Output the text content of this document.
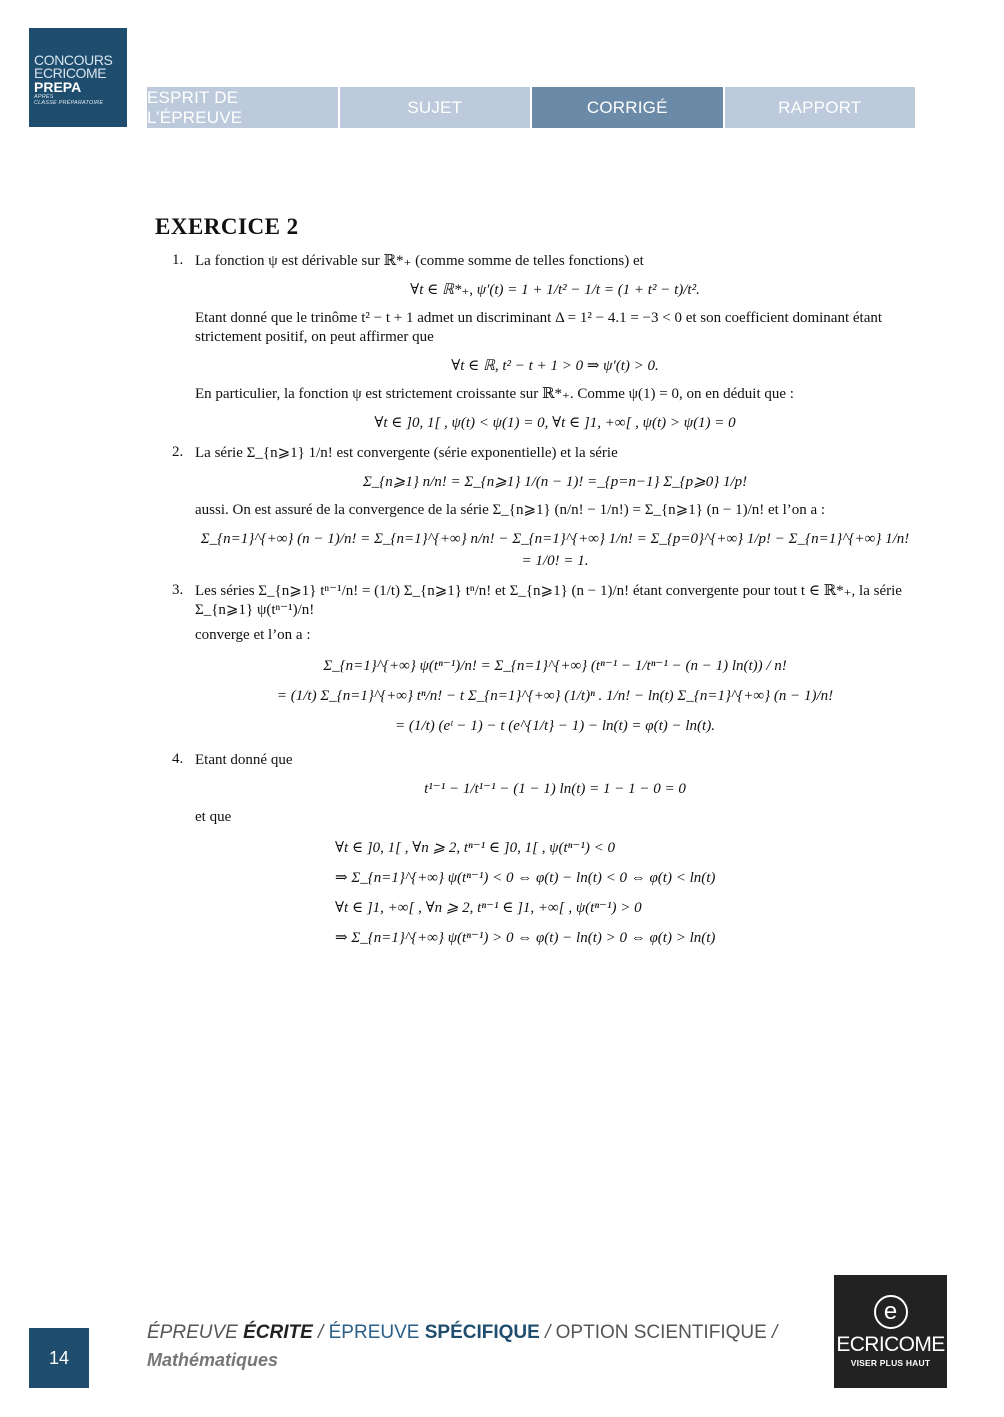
CONCOURS
ECRICOME
PREPA
APRÈS
CLASSE PRÉPARATOIRE	ESPRIT DE L’ÉPREUVE
SUJET	CORRIGÉ	RAPPORT
EXERCICE 2
1. La fonction ψ est dérivable sur ℝ*₊ (comme somme de telles fonctions) et
∀t ∈ ℝ*₊, ψ′(t) = 1 + 1/t² − 1/t = (1 + t² − t)/t².
Etant donné que le trinôme t² − t + 1 admet un discriminant Δ = 1² − 4.1 = −3 < 0 et son coefficient dominant étant strictement positif, on peut affirmer que
∀t ∈ ℝ, t² − t + 1 > 0 ⇒ ψ′(t) > 0.
En particulier, la fonction ψ est strictement croissante sur ℝ*₊. Comme ψ(1) = 0, on en déduit que :
∀t ∈ ]0, 1[ , ψ(t) < ψ(1) = 0, ∀t ∈ ]1, +∞[ , ψ(t) > ψ(1) = 0
2. La série Σ_{n⩾1} 1/n! est convergente (série exponentielle) et la série
Σ_{n⩾1} n/n! = Σ_{n⩾1} 1/(n − 1)! =_{p=n−1} Σ_{p⩾0} 1/p!
aussi. On est assuré de la convergence de la série Σ_{n⩾1} (n/n! − 1/n!) = Σ_{n⩾1} (n − 1)/n! et l’on a :
Σ_{n=1}^{+∞} (n − 1)/n! = Σ_{n=1}^{+∞} n/n! − Σ_{n=1}^{+∞} 1/n! = Σ_{p=0}^{+∞} 1/p! − Σ_{n=1}^{+∞} 1/n! = 1/0! = 1.
3. Les séries Σ_{n⩾1} tⁿ⁻¹/n! = (1/t) Σ_{n⩾1} tⁿ/n! et Σ_{n⩾1} (n − 1)/n! étant convergente pour tout t ∈ ℝ*₊, la série Σ_{n⩾1} ψ(tⁿ⁻¹)/n!
converge et l’on a :
Σ_{n=1}^{+∞} ψ(tⁿ⁻¹)/n! = Σ_{n=1}^{+∞} (tⁿ⁻¹ − 1/tⁿ⁻¹ − (n − 1) ln(t)) / n!
= (1/t) Σ_{n=1}^{+∞} tⁿ/n! − t Σ_{n=1}^{+∞} (1/t)ⁿ . 1/n! − ln(t) Σ_{n=1}^{+∞} (n − 1)/n!
= (1/t) (eᵗ − 1) − t (e^{1/t} − 1) − ln(t) = φ(t) − ln(t).
4. Etant donné que
t¹⁻¹ − 1/t¹⁻¹ − (1 − 1) ln(t) = 1 − 1 − 0 = 0
et que
∀t ∈ ]0, 1[ , ∀n ⩾ 2, tⁿ⁻¹ ∈ ]0, 1[ , ψ(tⁿ⁻¹) < 0
⇒ Σ_{n=1}^{+∞} ψ(tⁿ⁻¹) < 0 ⇔ φ(t) − ln(t) < 0 ⇔ φ(t) < ln(t)
∀t ∈ ]1, +∞[ , ∀n ⩾ 2, tⁿ⁻¹ ∈ ]1, +∞[ , ψ(tⁿ⁻¹) > 0
⇒ Σ_{n=1}^{+∞} ψ(tⁿ⁻¹) > 0 ⇔ φ(t) − ln(t) > 0 ⇔ φ(t) > ln(t)
14
ÉPREUVE ÉCRITE / ÉPREUVE SPÉCIFIQUE / OPTION SCIENTIFIQUE /
Mathématiques
e
ECRICOME
VISER PLUS HAUT
